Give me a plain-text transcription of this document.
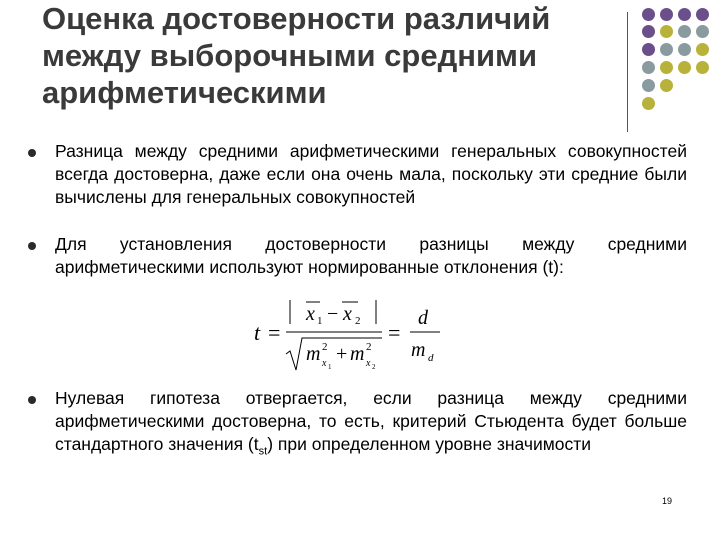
Оценка достоверности различий
между выборочными средними
арифметическими
Разница между средними арифметическими генеральных совокупностей всегда достоверна, даже если она очень мала, поскольку эти средние были вычислены для генеральных совокупностей
Для установления достоверности разницы между средними арифметическими используют нормированные отклонения (t):
t =
x 1 − x 2
m 2
x 1
+ m 2
x 2
=
d
m d
Нулевая гипотеза отвергается, если разница между средними арифметическими достоверна, то есть, критерий Стьюдента будет больше стандартного значения $(t_{st})$ при определенном уровне значимости
19
